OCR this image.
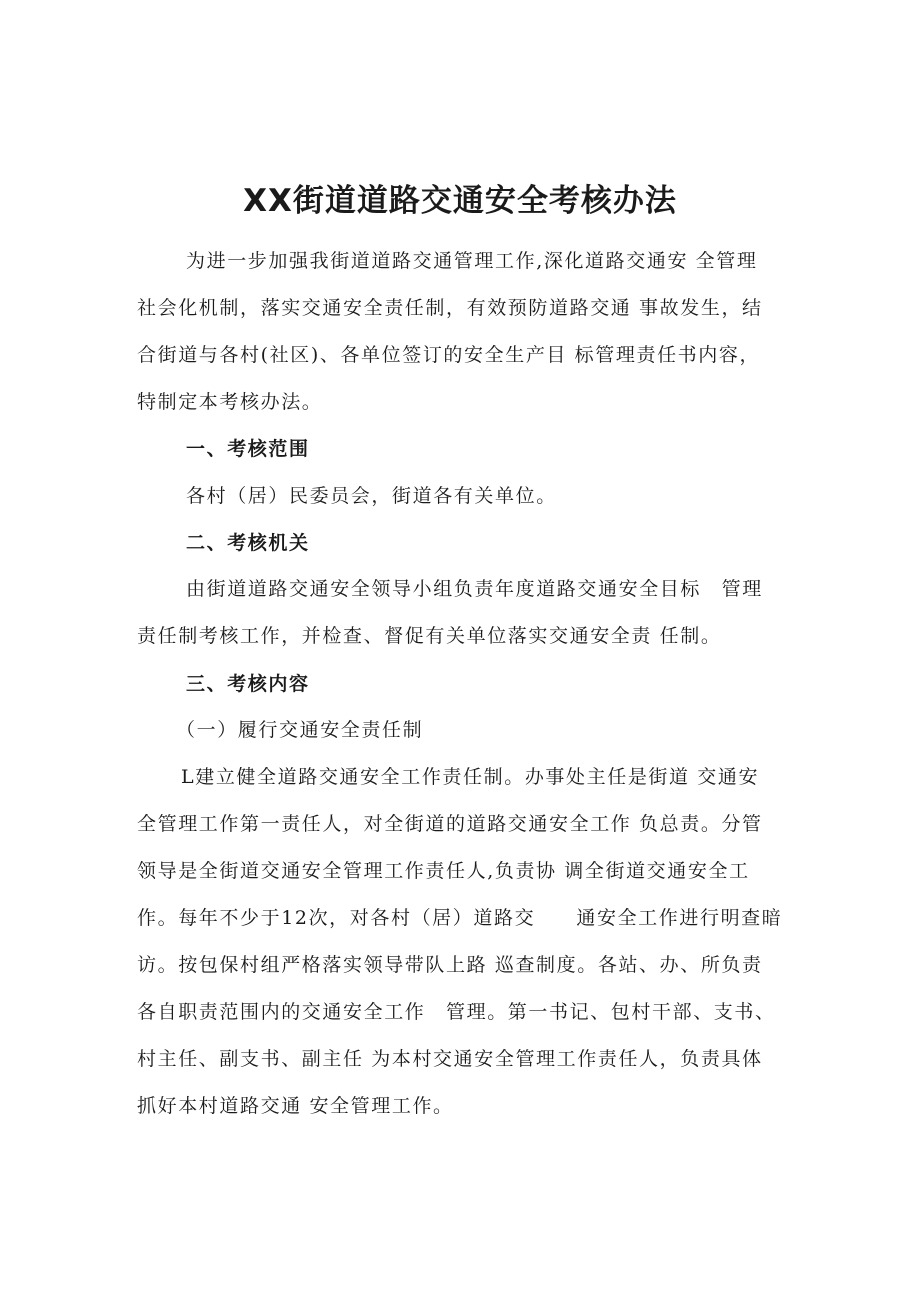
XX街道道路交通安全考核办法

为进一步加强我街道道路交通管理工作,深化道路交通安 全管理

社会化机制，落实交通安全责任制，有效预防道路交通 事故发生，结

合街道与各村(社区)、各单位签订的安全生产目 标管理责任书内容，

特制定本考核办法。

一、考核范围

各村（居）民委员会，街道各有关单位。

二、考核机关

由街道道路交通安全领导小组负责年度道路交通安全目标　管理

责任制考核工作，并检查、督促有关单位落实交通安全责 任制。

三、考核内容

（一）履行交通安全责任制

L建立健全道路交通安全工作责任制。办事处主任是街道 交通安

全管理工作第一责任人，对全街道的道路交通安全工作 负总责。分管

领导是全街道交通安全管理工作责任人,负责协 调全街道交通安全工

作。每年不少于12次，对各村（居）道路交　　通安全工作进行明查暗

访。按包保村组严格落实领导带队上路 巡查制度。各站、办、所负责

各自职责范围内的交通安全工作　管理。第一书记、包村干部、支书、

村主任、副支书、副主任 为本村交通安全管理工作责任人，负责具体

抓好本村道路交通 安全管理工作。
